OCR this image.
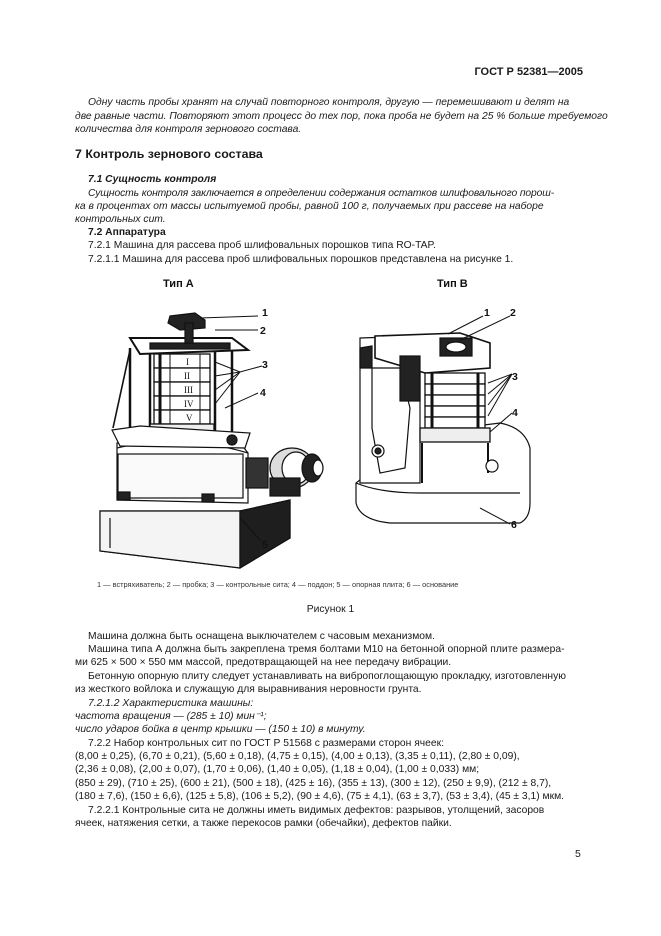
ГОСТ Р 52381—2005
Одну часть пробы хранят на случай повторного контроля, другую — перемешивают и делят на
две равные части. Повторяют этот процесс до тех пор, пока проба не будет на 25 % больше требуемого
количества для контроля зернового состава.
7 Контроль зернового состава
7.1 Сущность контроля
Сущность контроля заключается в определении содержания остатков шлифовального порош-
ка в процентах от массы испытуемой пробы, равной 100 г, получаемых при рассеве на наборе
контрольных сит.
7.2 Аппаратура
7.2.1 Машина для рассева проб шлифовальных порошков типа RO-TAP.
7.2.1.1 Машина для рассева проб шлифовальных порошков представлена на рисунке 1.
Тип А	Тип В
I
II
III
IV
V
1
2
3
4
5
1 2
3
4
6
1 — встряхиватель; 2 — пробка; 3 — контрольные сита; 4 — поддон; 5 — опорная плита; 6 — основание
Рисунок 1
Машина должна быть оснащена выключателем с часовым механизмом.
Машина типа А должна быть закреплена тремя болтами М10 на бетонной опорной плите размера-
ми 625 × 500 × 550 мм массой, предотвращающей на нее передачу вибрации.
Бетонную опорную плиту следует устанавливать на вибропоглощающую прокладку, изготовленную
из жесткого войлока и служащую для выравнивания неровности грунта.
7.2.1.2 Характеристика машины:
частота вращения — (285 ± 10) мин⁻¹;
число ударов бойка в центр крышки — (150 ± 10) в минуту.
7.2.2 Набор контрольных сит по ГОСТ Р 51568 с размерами сторон ячеек:
(8,00 ± 0,25), (6,70 ± 0,21), (5,60 ± 0,18), (4,75 ± 0,15), (4,00 ± 0,13), (3,35 ± 0,11), (2,80 ± 0,09),
(2,36 ± 0,08), (2,00 ± 0,07), (1,70 ± 0,06), (1,40 ± 0,05), (1,18 ± 0,04), (1,00 ± 0,033) мм;
(850 ± 29), (710 ± 25), (600 ± 21), (500 ± 18), (425 ± 16), (355 ± 13), (300 ± 12), (250 ± 9,9), (212 ± 8,7),
(180 ± 7,6), (150 ± 6,6), (125 ± 5,8), (106 ± 5,2), (90 ± 4,6), (75 ± 4,1), (63 ± 3,7), (53 ± 3,4), (45 ± 3,1) мкм.
7.2.2.1 Контрольные сита не должны иметь видимых дефектов: разрывов, утолщений, засоров
ячеек, натяжения сетки, а также перекосов рамки (обечайки), дефектов пайки.
5
